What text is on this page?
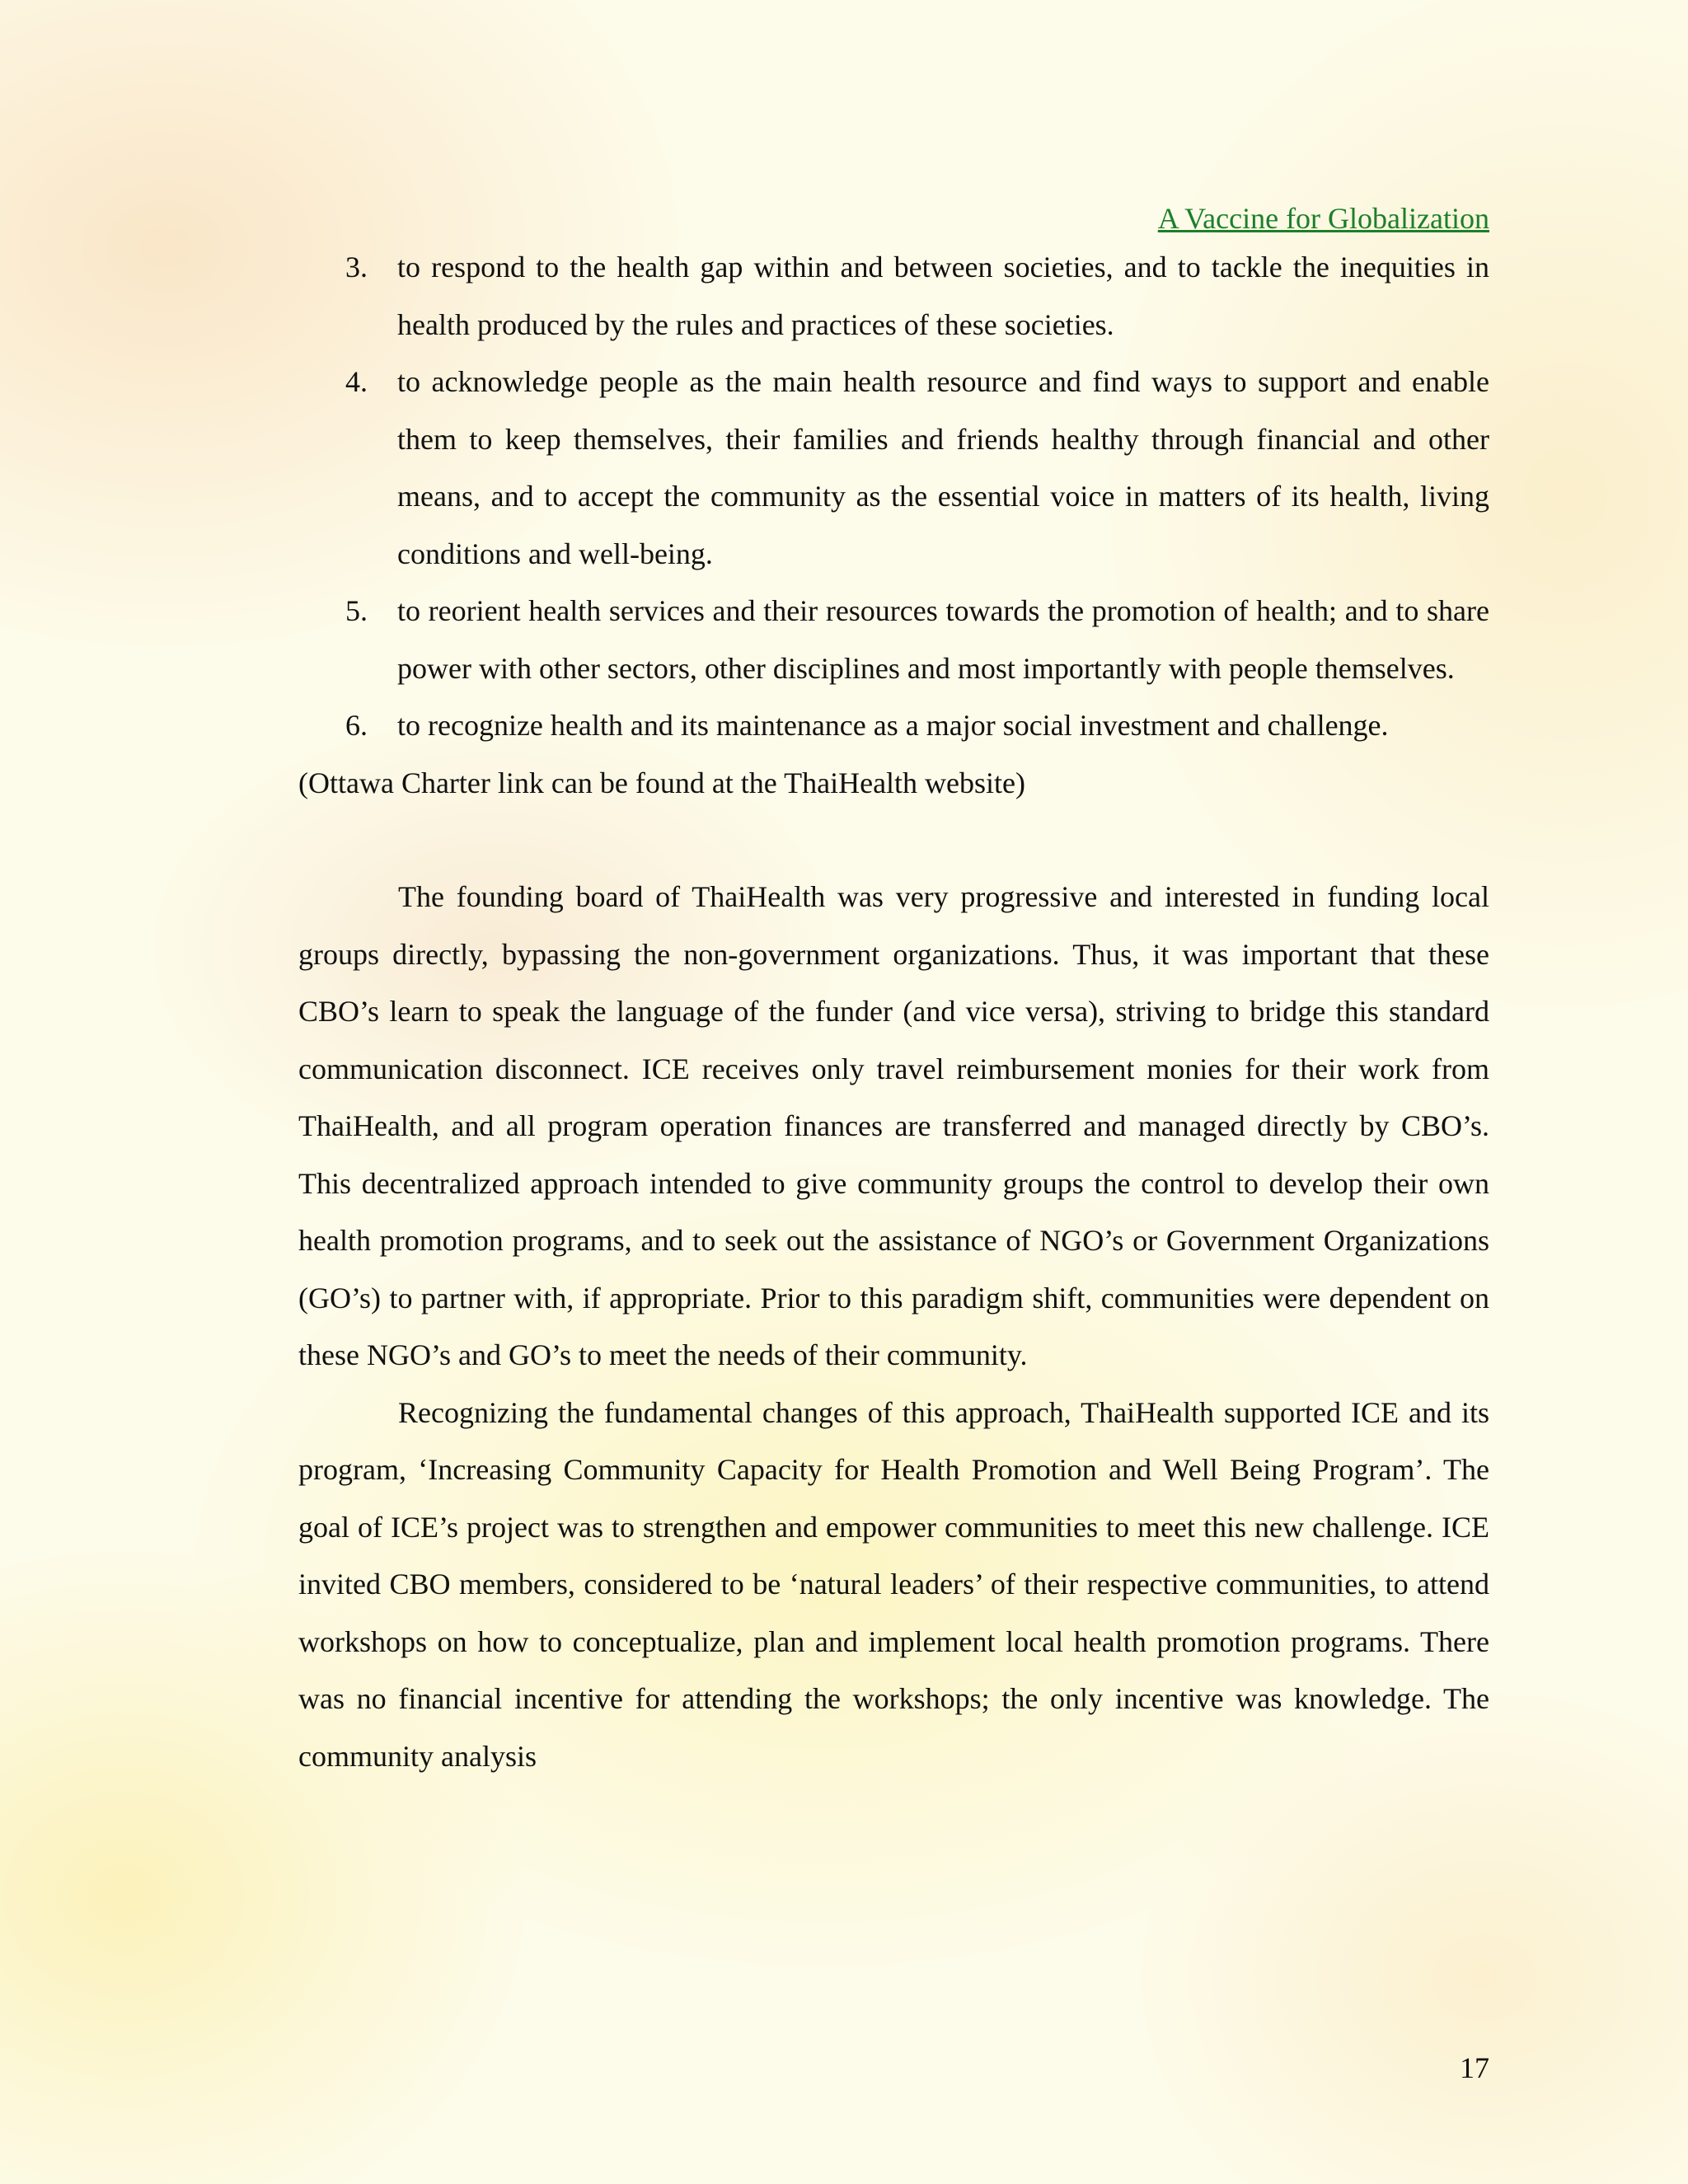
A Vaccine for Globalization

3. to respond to the health gap within and between societies, and to tackle the inequities in health produced by the rules and practices of these societies.
4. to acknowledge people as the main health resource and find ways to support and enable them to keep themselves, their families and friends healthy through financial and other means, and to accept the community as the essential voice in matters of its health, living conditions and well-being.
5. to reorient health services and their resources towards the promotion of health; and to share power with other sectors, other disciplines and most importantly with people themselves.
6. to recognize health and its maintenance as a major social investment and challenge.

(Ottawa Charter link can be found at the ThaiHealth website)

The founding board of ThaiHealth was very progressive and interested in funding local groups directly, bypassing the non-government organizations. Thus, it was important that these CBO’s learn to speak the language of the funder (and vice versa), striving to bridge this standard communication disconnect. ICE receives only travel reimbursement monies for their work from ThaiHealth, and all program operation finances are transferred and managed directly by CBO’s. This decentralized approach intended to give community groups the control to develop their own health promotion programs, and to seek out the assistance of NGO’s or Government Organizations (GO’s) to partner with, if appropriate. Prior to this paradigm shift, communities were dependent on these NGO’s and GO’s to meet the needs of their community.

Recognizing the fundamental changes of this approach, ThaiHealth supported ICE and its program, ‘Increasing Community Capacity for Health Promotion and Well Being Program’. The goal of ICE’s project was to strengthen and empower communities to meet this new challenge. ICE invited CBO members, considered to be ‘natural leaders’ of their respective communities, to attend workshops on how to conceptualize, plan and implement local health promotion programs. There was no financial incentive for attending the workshops; the only incentive was knowledge. The community analysis

17
